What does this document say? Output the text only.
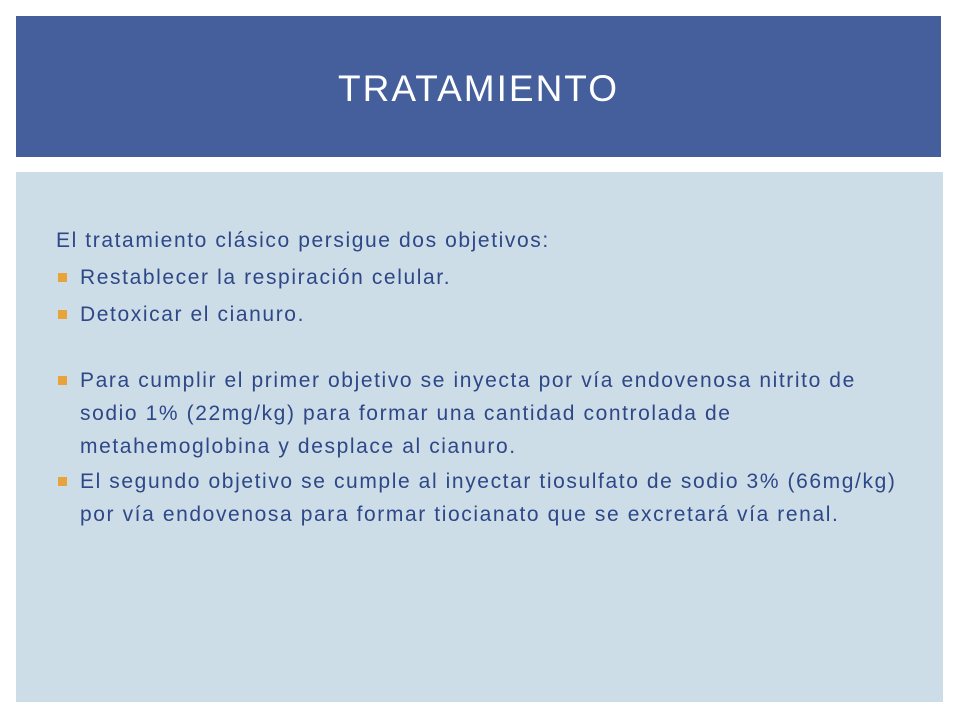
TRATAMIENTO

El tratamiento clásico persigue dos objetivos:

Restablecer la respiración celular.

Detoxicar el cianuro.

Para cumplir el primer objetivo se inyecta por vía endovenosa nitrito de sodio 1% (22mg/kg) para formar una cantidad controlada de metahemoglobina y desplace al cianuro.

El segundo objetivo se cumple al inyectar tiosulfato de sodio 3% (66mg/kg) por vía endovenosa para formar tiocianato que se excretará vía renal.
